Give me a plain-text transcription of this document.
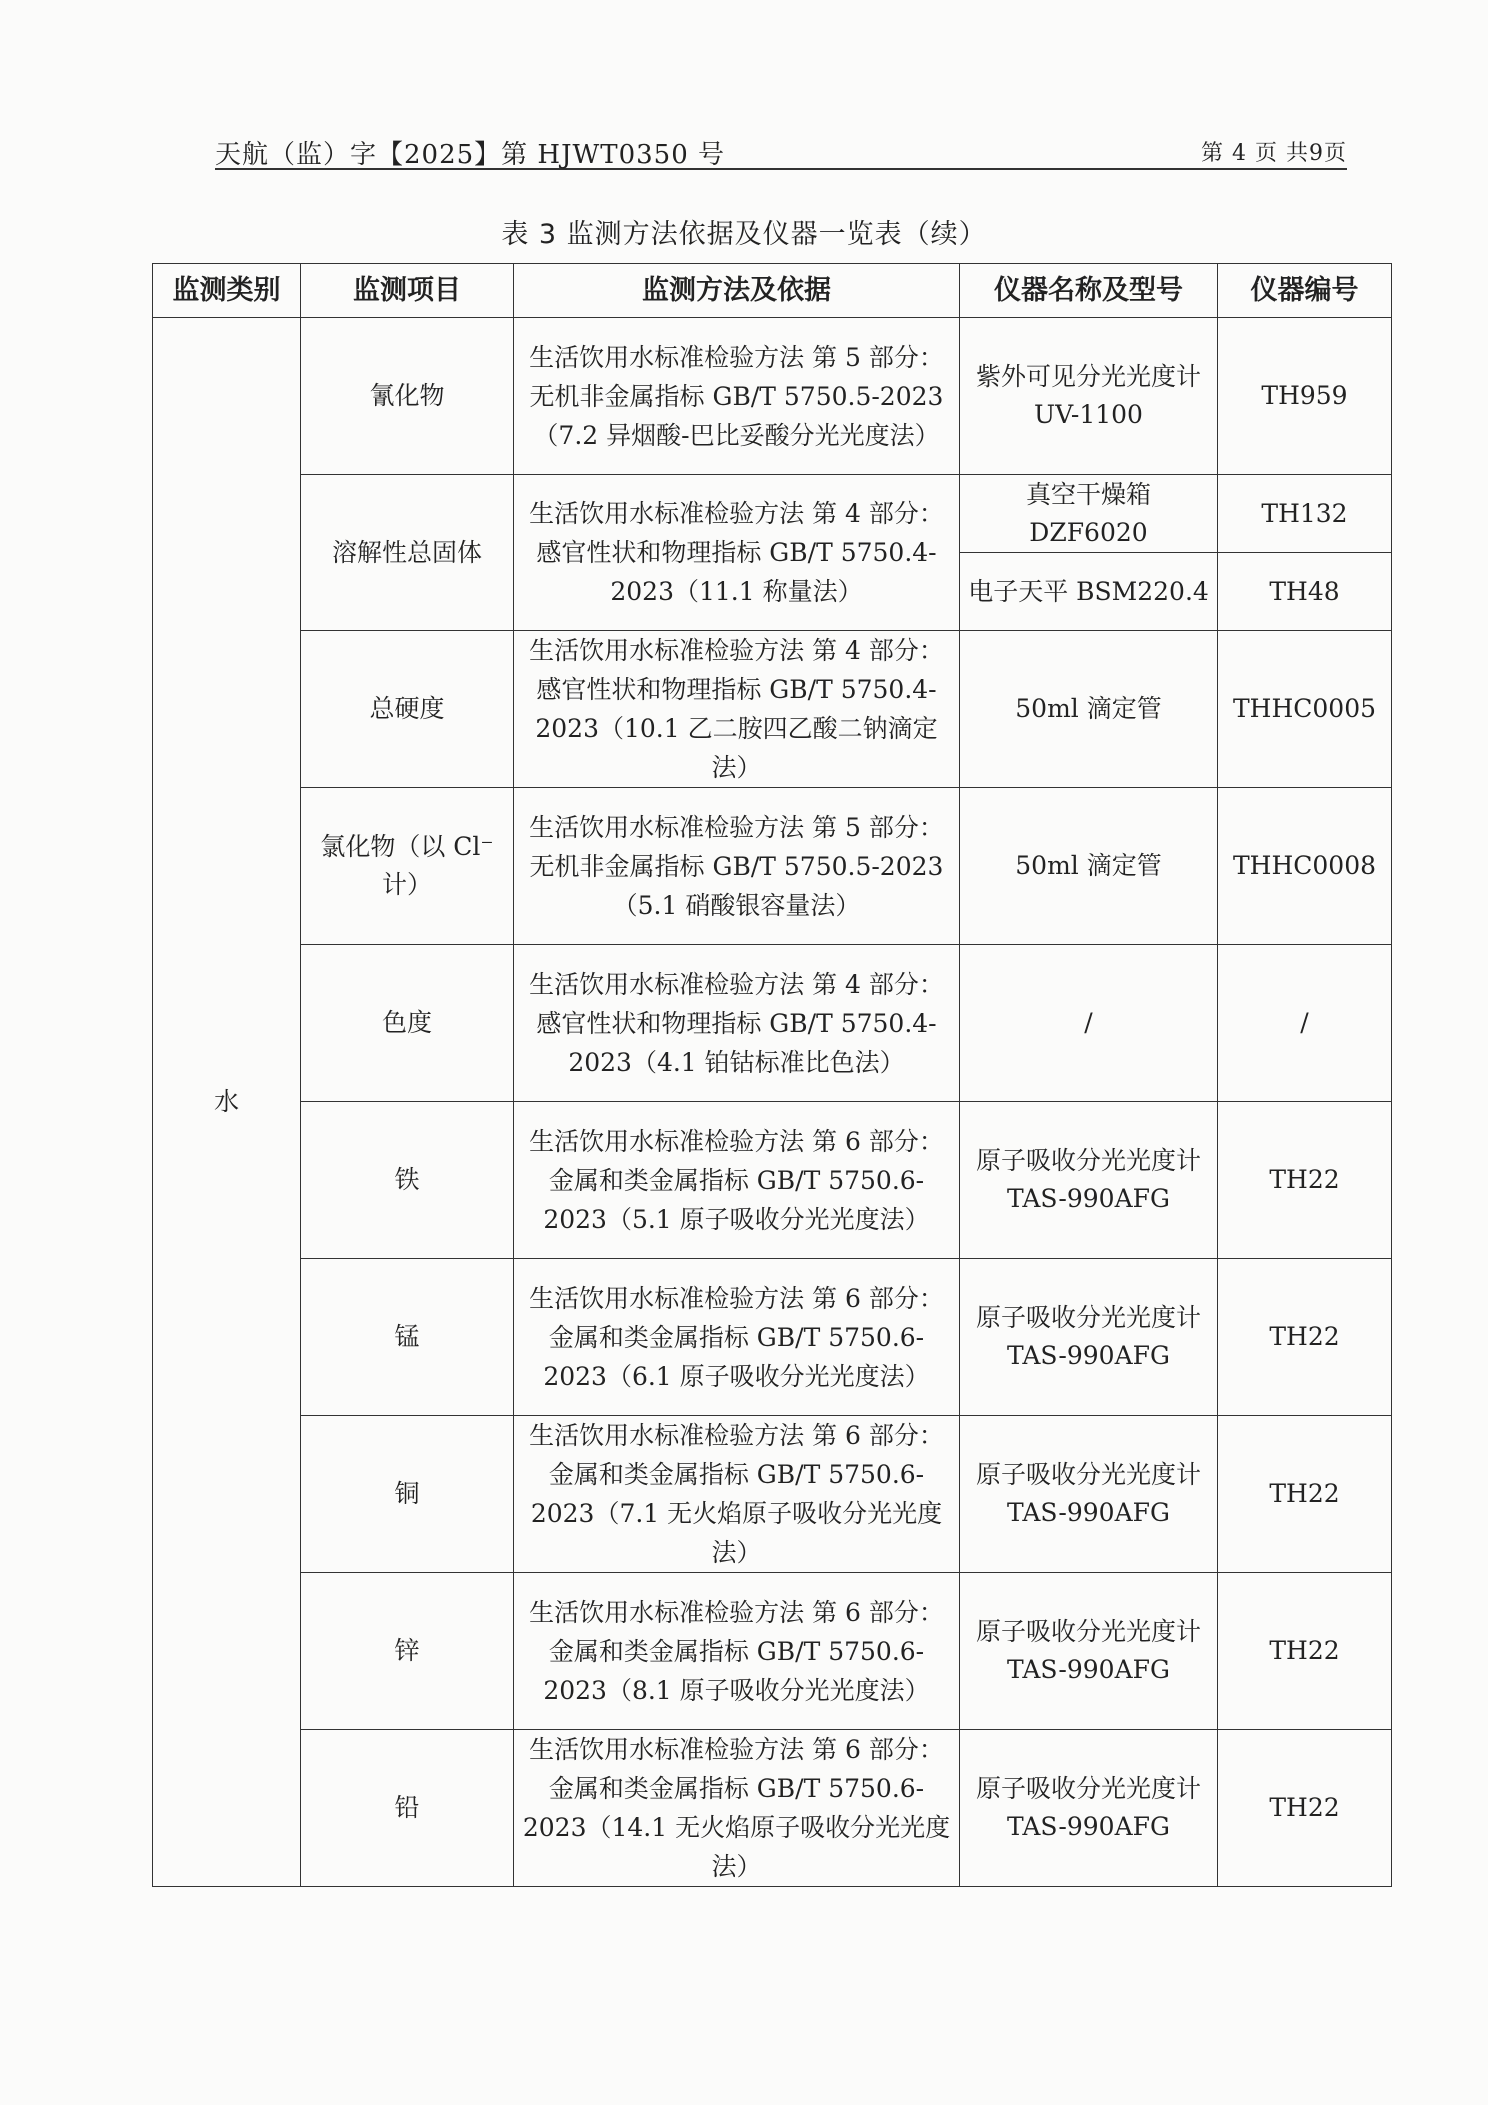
天航（监）字【2025】第 HJWT0350 号	第 4 页 共9页
表 3 监测方法依据及仪器一览表（续）
监测类别	监测项目	监测方法及依据	仪器名称及型号	仪器编号
水	氰化物	生活饮用水标准检验方法 第 5 部分：无机非金属指标 GB/T 5750.5-2023（7.2 异烟酸-巴比妥酸分光光度法）	紫外可见分光光度计 UV-1100	TH959
	溶解性总固体	生活饮用水标准检验方法 第 4 部分：感官性状和物理指标 GB/T 5750.4-2023（11.1 称量法）	真空干燥箱 DZF6020	TH132
			电子天平 BSM220.4	TH48
	总硬度	生活饮用水标准检验方法 第 4 部分：感官性状和物理指标 GB/T 5750.4-2023（10.1 乙二胺四乙酸二钠滴定法）	50ml 滴定管	THHC0005
	氯化物（以 Cl⁻计）	生活饮用水标准检验方法 第 5 部分：无机非金属指标 GB/T 5750.5-2023（5.1 硝酸银容量法）	50ml 滴定管	THHC0008
	色度	生活饮用水标准检验方法 第 4 部分：感官性状和物理指标 GB/T 5750.4-2023（4.1 铂钴标准比色法）	/	/
	铁	生活饮用水标准检验方法 第 6 部分：金属和类金属指标 GB/T 5750.6-2023（5.1 原子吸收分光光度法）	原子吸收分光光度计 TAS-990AFG	TH22
	锰	生活饮用水标准检验方法 第 6 部分：金属和类金属指标 GB/T 5750.6-2023（6.1 原子吸收分光光度法）	原子吸收分光光度计 TAS-990AFG	TH22
	铜	生活饮用水标准检验方法 第 6 部分：金属和类金属指标 GB/T 5750.6-2023（7.1 无火焰原子吸收分光光度法）	原子吸收分光光度计 TAS-990AFG	TH22
	锌	生活饮用水标准检验方法 第 6 部分：金属和类金属指标 GB/T 5750.6-2023（8.1 原子吸收分光光度法）	原子吸收分光光度计 TAS-990AFG	TH22
	铅	生活饮用水标准检验方法 第 6 部分：金属和类金属指标 GB/T 5750.6-2023（14.1 无火焰原子吸收分光光度法）	原子吸收分光光度计 TAS-990AFG	TH22
